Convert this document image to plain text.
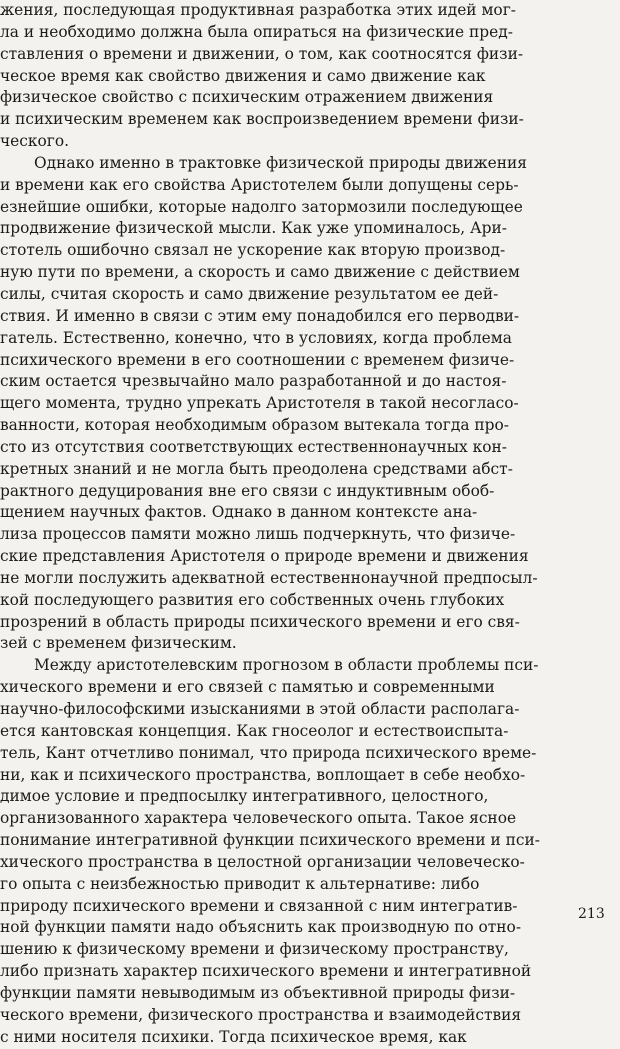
жения, последующая продуктивная разработка этих идей мог-
ла и необходимо должна была опираться на физические пред-
ставления о времени и движении, о том, как соотносятся физи-
ческое время как свойство движения и само движение как
физическое свойство с психическим отражением движения
и психическим временем как воспроизведением времени физи-
ческого.
Однако именно в трактовке физической природы движения
и времени как его свойства Аристотелем были допущены серь-
езнейшие ошибки, которые надолго затормозили последующее
продвижение физической мысли. Как уже упоминалось, Ари-
стотель ошибочно связал не ускорение как вторую производ-
ную пути по времени, а скорость и само движение с действием
силы, считая скорость и само движение результатом ее дей-
ствия. И именно в связи с этим ему понадобился его перводви-
гатель. Естественно, конечно, что в условиях, когда проблема
психического времени в его соотношении с временем физиче-
ским остается чрезвычайно мало разработанной и до настоя-
щего момента, трудно упрекать Аристотеля в такой несогласо-
ванности, которая необходимым образом вытекала тогда про-
сто из отсутствия соответствующих естественнонаучных кон-
кретных знаний и не могла быть преодолена средствами абст-
рактного дедуцирования вне его связи с индуктивным обоб-
щением научных фактов. Однако в данном контексте ана-
лиза процессов памяти можно лишь подчеркнуть, что физиче-
ские представления Аристотеля о природе времени и движения
не могли послужить адекватной естественнонаучной предпосыл-
кой последующего развития его собственных очень глубоких
прозрений в область природы психического времени и его свя-
зей с временем физическим.
Между аристотелевским прогнозом в области проблемы пси-
хического времени и его связей с памятью и современными
научно-философскими изысканиями в этой области располага-
ется кантовская концепция. Как гносеолог и естествоиспыта-
тель, Кант отчетливо понимал, что природа психического време-
ни, как и психического пространства, воплощает в себе необхо-
димое условие и предпосылку интегративного, целостного,
организованного характера человеческого опыта. Такое ясное
понимание интегративной функции психического времени и пси-
хического пространства в целостной организации человеческо-
го опыта с неизбежностью приводит к альтернативе: либо
природу психического времени и связанной с ним интегратив-
ной функции памяти надо объяснить как производную по отно-
шению к физическому времени и физическому пространству,
либо признать характер психического времени и интегративной
функции памяти невыводимым из объективной природы физи-
ческого времени, физического пространства и взаимодействия
с ними носителя психики. Тогда психическое время, как
213
